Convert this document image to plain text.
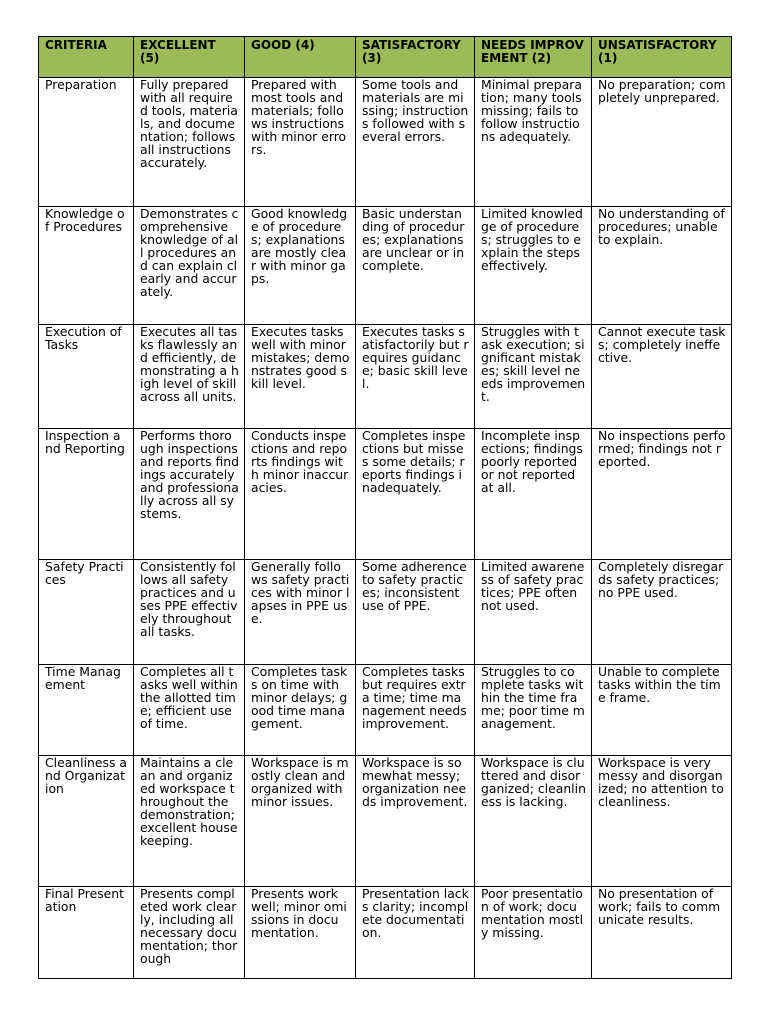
CRITERIA	EXCELLENT (5)	GOOD (4)	SATISFACTORY (3)	NEEDS IMPROVEMENT (2)	UNSATISFACTORY (1)
Preparation	Fully prepared with all required tools, materials, and documentation; follows all instructions accurately.	Prepared with most tools and materials; follows instructions with minor errors.	Some tools and materials are missing; instructions followed with several errors.	Minimal preparation; many tools missing; fails to follow instructions adequately.	No preparation; completely unprepared.
Knowledge of Procedures	Demonstrates comprehensive knowledge of all procedures and can explain clearly and accurately.	Good knowledge of procedures; explanations are mostly clear with minor gaps.	Basic understanding of procedures; explanations are unclear or incomplete.	Limited knowledge of procedures; struggles to explain the steps effectively.	No understanding of procedures; unable to explain.
Execution of Tasks	Executes all tasks flawlessly and efficiently, demonstrating a high level of skill across all units.	Executes tasks well with minor mistakes; demonstrates good skill level.	Executes tasks satisfactorily but requires guidance; basic skill level.	Struggles with task execution; significant mistakes; skill level needs improvement.	Cannot execute tasks; completely ineffective.
Inspection and Reporting	Performs thorough inspections and reports findings accurately and professionally across all systems.	Conducts inspections and reports findings with minor inaccuracies.	Completes inspections but misses some details; reports findings inadequately.	Incomplete inspections; findings poorly reported or not reported at all.	No inspections performed; findings not reported.
Safety Practices	Consistently follows all safety practices and uses PPE effectively throughout all tasks.	Generally follows safety practices with minor lapses in PPE use.	Some adherence to safety practices; inconsistent use of PPE.	Limited awareness of safety practices; PPE often not used.	Completely disregards safety practices; no PPE used.
Time Management	Completes all tasks well within the allotted time; efficient use of time.	Completes tasks on time with minor delays; good time management.	Completes tasks but requires extra time; time management needs improvement.	Struggles to complete tasks within the time frame; poor time management.	Unable to complete tasks within the time frame.
Cleanliness and Organization	Maintains a clean and organized workspace throughout the demonstration; excellent housekeeping.	Workspace is mostly clean and organized with minor issues.	Workspace is somewhat messy; organization needs improvement.	Workspace is cluttered and disorganized; cleanliness is lacking.	Workspace is very messy and disorganized; no attention to cleanliness.
Final Presentation	Presents completed work clearly, including all necessary documentation; thorough	Presents work well; minor omissions in documentation.	Presentation lacks clarity; incomplete documentation.	Poor presentation of work; documentation mostly missing.	No presentation of work; fails to communicate results.
